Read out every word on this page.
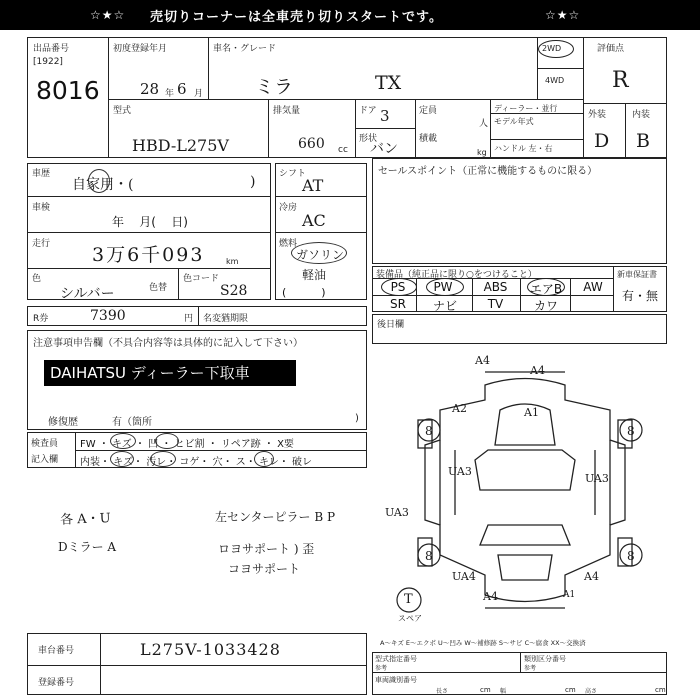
☆★☆ 売切りコーナーは全車売り切りスタートです。	☆★☆
出品番号
[1922]
8016
初度登録年月
28 年 6 月
車名・グレード
ミラ	TX
2WD
4WD
評価点
R
型式
HBD-L275V
排気量
660 cc
ドア 3
形状
バン
定員
人
積載
kg
ディーラー・並行
モデル年式
ハンドル 左・右
外装	内装
D B
車歴
自家用・(	)
車検
年    月(    日)
走行 3万6千093	km
色
シルバー	色替
色コード
S28
シフト
AT
冷房
AC
燃料
ガソリン
軽油
(          )
セールスポイント（正常に機能するものに限る）
装備品（純正品に限り○をつけること）
PS	PW	ABS	エアB	AW
SR	ナビ	TV	カワ
新車保証書
有・無
R券	7390	円 名変猶期限
注意事項申告欄（不具合内容等は具体的に記入して下さい）
DAIHATSU ディーラー下取車
修復歴	有（箇所	)
後日欄
検査員
記入欄
FW ・ キズ ・ 凹 ・ ヒビ割 ・ リペア跡 ・ X要
内装・ キズ・ 汚レ・ コゲ・ 穴・ ス・ キレ・ 破レ
各 A・U	左センターピラー B P
Dミラー A	ロヨサポート ) 歪
コヨサポート
A4
A4
A1
A2
8	8
8	8
UA3
UA3
UA3
UA4	A4
A4	A1
T
スペア
A～キズ E～エクボ U～凹み W～補修跡 S～サビ C～腐食 XX～交換済
車台番号	L275V-1033428
登録番号
型式指定番号
参考
類別区分番号
参考
車両識別番号
長さ	cm 幅	cm 高さ	cm
